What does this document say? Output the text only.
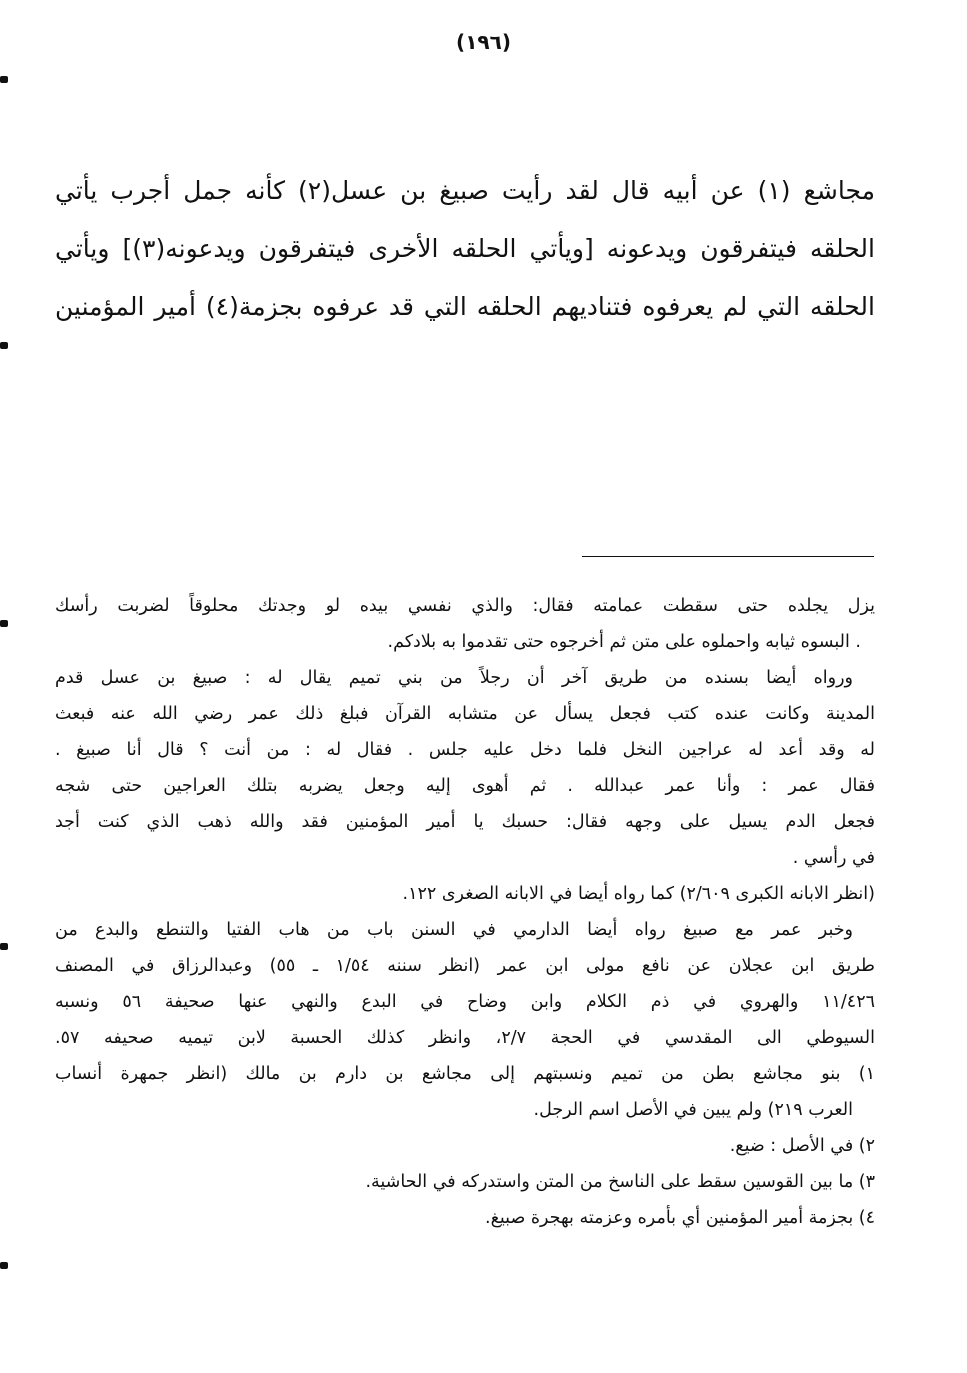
(١٩٦)
مجاشع (١) عن أبيه قال لقد رأيت صبيغ بن عسل(٢) كأنه جمل أجرب يأتي
الحلقه فيتفرقون ويدعونه [ويأتي الحلقه الأخرى فيتفرقون ويدعونه(٣)] ويأتي
الحلقه التي لم يعرفوه فتناديهم الحلقه التي قد عرفوه بجزمة(٤) أمير المؤمنين
يزل يجلده حتى سقطت عمامته فقال: والذي نفسي بيده لو وجدتك محلوقاً لضربت رأسك
. البسوه ثيابه واحملوه على متن ثم أخرجوه حتى تقدموا به بلادكم.
ورواه أيضا بسنده من طريق آخر أن رجلاً من بني تميم يقال له : صبيغ بن عسل قدم
المدينة وكانت عنده كتب فجعل يسأل عن متشابه القرآن فبلغ ذلك عمر رضي الله عنه فبعث
له وقد أعد له عراجين النخل فلما دخل عليه جلس . فقال له : من أنت ؟ قال أنا صبيغ .
فقال عمر : وأنا عمر عبدالله . ثم أهوى إليه وجعل يضربه بتلك العراجين حتى شجه
فجعل الدم يسيل على وجهه فقال: حسبك يا أمير المؤمنين فقد والله ذهب الذي كنت أجد
في رأسي .
(انظر الابانه الكبرى ٢/٦٠٩) كما رواه أيضا في الابانه الصغرى ١٢٢.
وخبر عمر مع صبيغ رواه أيضا الدارمي في السنن باب من هاب الفتيا والتنطع والبدع من
طريق ابن عجلان عن نافع مولى ابن عمر (انظر سننه ١/٥٤ ـ ٥٥) وعبدالرزاق في المصنف
١١/٤٢٦ والهروي في ذم الكلام وابن وضاح في البدع والنهي عنها صحيفة ٥٦ ونسبه
السيوطي الى المقدسي في الحجة ٢/٧، وانظر كذلك الحسبة لابن تيميه صحيفه ٥٧.
١) بنو مجاشع بطن من تميم ونسبتهم إلى مجاشع بن دارم بن مالك (انظر جمهرة أنساب
العرب ٢١٩) ولم يبين في الأصل اسم الرجل.
٢) في الأصل : ضيع.
٣) ما بين القوسين سقط على الناسخ من المتن واستدركه في الحاشية.
٤) بجزمة أمير المؤمنين أي بأمره وعزمته بهجرة صبيغ.
